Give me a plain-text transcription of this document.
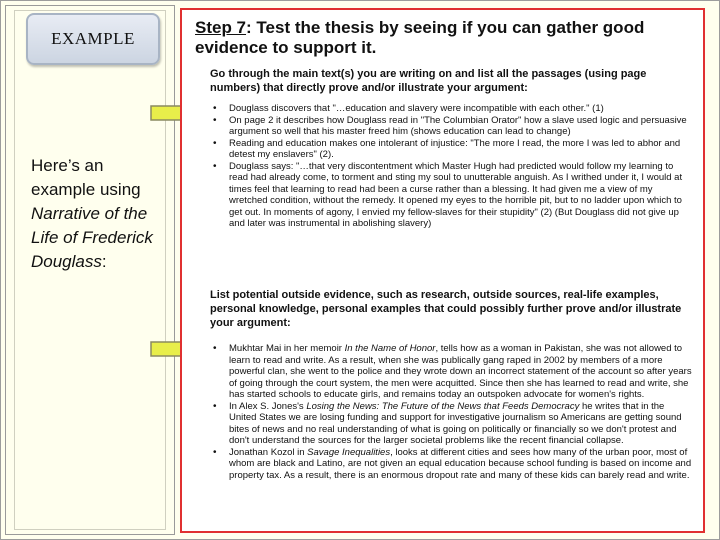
EXAMPLE
Here’s an example using Narrative of the Life of Frederick Douglass:
Step 7: Test the thesis by seeing if you can gather good evidence to support it.

Go through the main text(s) you are writing on and list all the passages (using page numbers) that directly prove and/or illustrate your argument:

• Douglass discovers that "…education and slavery were incompatible with each other." (1)
• On page 2 it describes how Douglass read in "The Columbian Orator" how a slave used logic and persuasive argument so well that his master freed him (shows education can lead to change)
• Reading and education makes one intolerant of injustice: "The more I read, the more I was led to abhor and detest my enslavers" (2).
• Douglass says: "…that very discontentment which Master Hugh had predicted would follow my learning to read had already come, to torment and sting my soul to unutterable anguish. As I writhed under it, I would at times feel that learning to read had been a curse rather than a blessing. It had given me a view of my wretched condition, without the remedy. It opened my eyes to the horrible pit, but to no ladder upon which to get out. In moments of agony, I envied my fellow-slaves for their stupidity" (2) (But Douglass did not give up and later was instrumental in abolishing slavery)

List potential outside evidence, such as research, outside sources, real-life examples, personal knowledge, personal examples that could possibly further prove and/or illustrate your argument:

• Mukhtar Mai in her memoir In the Name of Honor, tells how as a woman in Pakistan, she was not allowed to learn to read and write. As a result, when she was publically gang raped in 2002 by members of a more powerful clan, she went to the police and they wrote down an incorrect statement of the account so after years of going through the court system, the men were acquitted. Since then she has learned to read and write, she has started schools to educate girls, and remains today an outspoken advocate for women's rights.
• In Alex S. Jones's Losing the News: The Future of the News that Feeds Democracy he writes that in the United States we are losing funding and support for investigative journalism so Americans are getting sound bites of news and no real understanding of what is going on politically or financially so we don't protest and don't understand the sources for the larger societal problems like the recent financial collapse.
• Jonathan Kozol in Savage Inequalities, looks at different cities and sees how many of the urban poor, most of whom are black and Latino, are not given an equal education because school funding is based on income and property tax. As a result, there is an enormous dropout rate and many of these kids can barely read and write.
